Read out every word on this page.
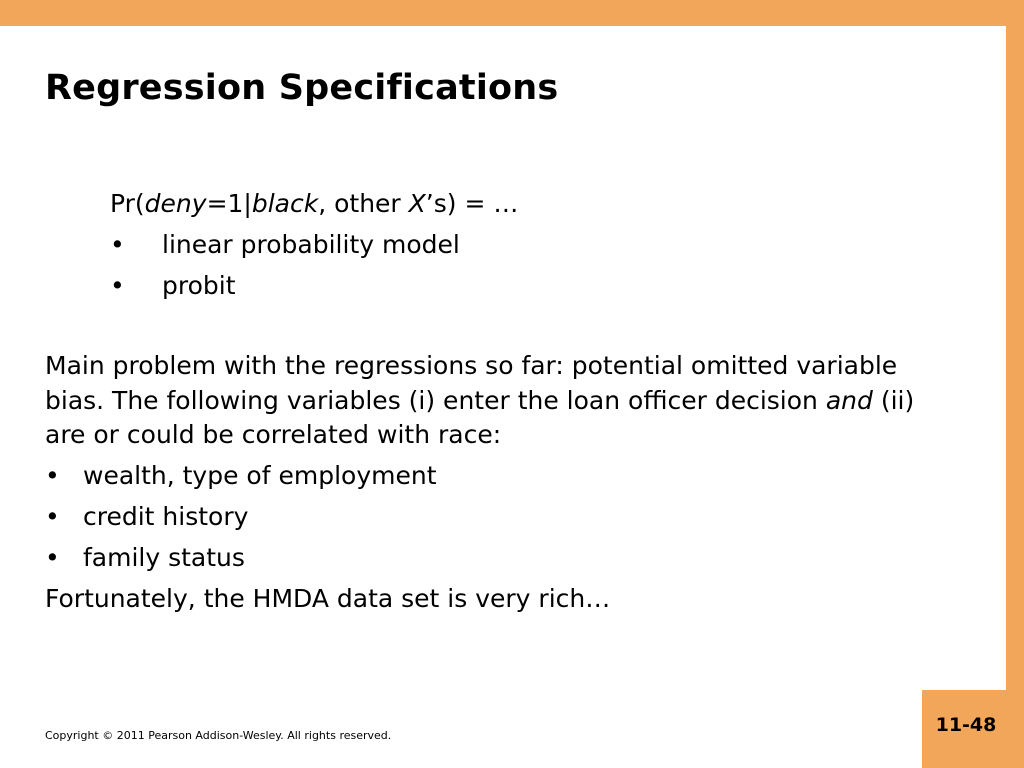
Regression Specifications
Pr(deny=1|black, other X’s) = …
•	linear probability model
•	probit

Main problem with the regressions so far: potential omitted variable bias. The following variables (i) enter the loan officer decision and (ii) are or could be correlated with race:

• wealth, type of employment
• credit history
• family status

Fortunately, the HMDA data set is very rich…

Copyright © 2011 Pearson Addison-Wesley. All rights reserved.	11-48
